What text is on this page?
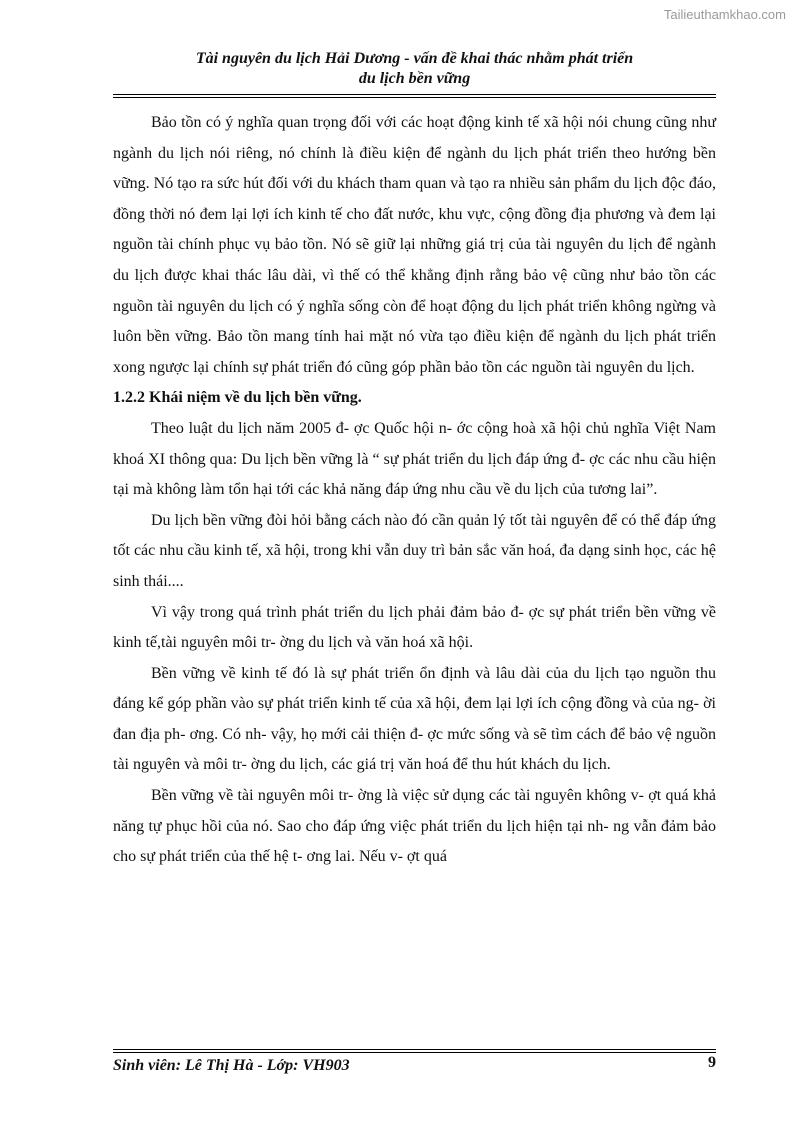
Tailieuthamkhao.com
Tài nguyên du lịch Hải Dương - vấn đề khai thác nhằm phát triển
du lịch bền vững

Bảo tồn có ý nghĩa quan trọng đối với các hoạt động kinh tế xã hội nói chung cũng như ngành du lịch nói riêng, nó chính là điều kiện để ngành du lịch phát triển theo hướng bền vững. Nó tạo ra sức hút đối với du khách tham quan và tạo ra nhiều sản phẩm du lịch độc đáo, đồng thời nó đem lại lợi ích kinh tế cho đất nước, khu vực, cộng đồng địa phương và đem lại nguồn tài chính phục vụ bảo tồn. Nó sẽ giữ lại những giá trị của tài nguyên du lịch để ngành du lịch được khai thác lâu dài, vì thế có thể khẳng định rằng bảo vệ cũng như bảo tồn các nguồn tài nguyên du lịch có ý nghĩa sống còn để hoạt động du lịch phát triển không ngừng và luôn bền vững. Bảo tồn mang tính hai mặt nó vừa tạo điều kiện để ngành du lịch phát triển xong ngược lại chính sự phát triển đó cũng góp phần bảo tồn các nguồn tài nguyên du lịch.

1.2.2 Khái niệm về du lịch bền vững.

Theo luật du lịch năm 2005 đ- ợc Quốc hội n- ớc cộng hoà xã hội chủ nghĩa Việt Nam khoá XI thông qua: Du lịch bền vững là “ sự phát triển du lịch đáp ứng đ- ợc các nhu cầu hiện tại mà không làm tổn hại tới các khả năng đáp ứng nhu cầu về du lịch của tương lai”.

Du lịch bền vững đòi hỏi bằng cách nào đó cần quản lý tốt tài nguyên để có thể đáp ứng tốt các nhu cầu kinh tế, xã hội, trong khi vẫn duy trì bản sắc văn hoá, đa dạng sinh học, các hệ sinh thái....

Vì vậy trong quá trình phát triển du lịch phải đảm bảo đ- ợc sự phát triển bền vững về kinh tế,tài nguyên môi tr- ờng du lịch và văn hoá xã hội.

Bền vững về kinh tế đó là sự phát triển ổn định và lâu dài của du lịch tạo nguồn thu đáng kể góp phần vào sự phát triển kinh tế của xã hội, đem lại lợi ích cộng đồng và của ng- ời đan địa ph- ơng. Có nh- vậy, họ mới cải thiện đ- ợc mức sống và sẽ tìm cách để bảo vệ nguồn tài nguyên và môi tr- ờng du lịch, các giá trị văn hoá để thu hút khách du lịch.

Bền vững về tài nguyên môi tr- ờng là việc sử dụng các tài nguyên không v- ợt quá khả năng tự phục hồi của nó. Sao cho đáp ứng việc phát triển du lịch hiện tại nh- ng vẫn đảm bảo cho sự phát triển của thế hệ t- ơng lai. Nếu v- ợt quá

Sinh viên: Lê Thị Hà - Lớp: VH903	9
